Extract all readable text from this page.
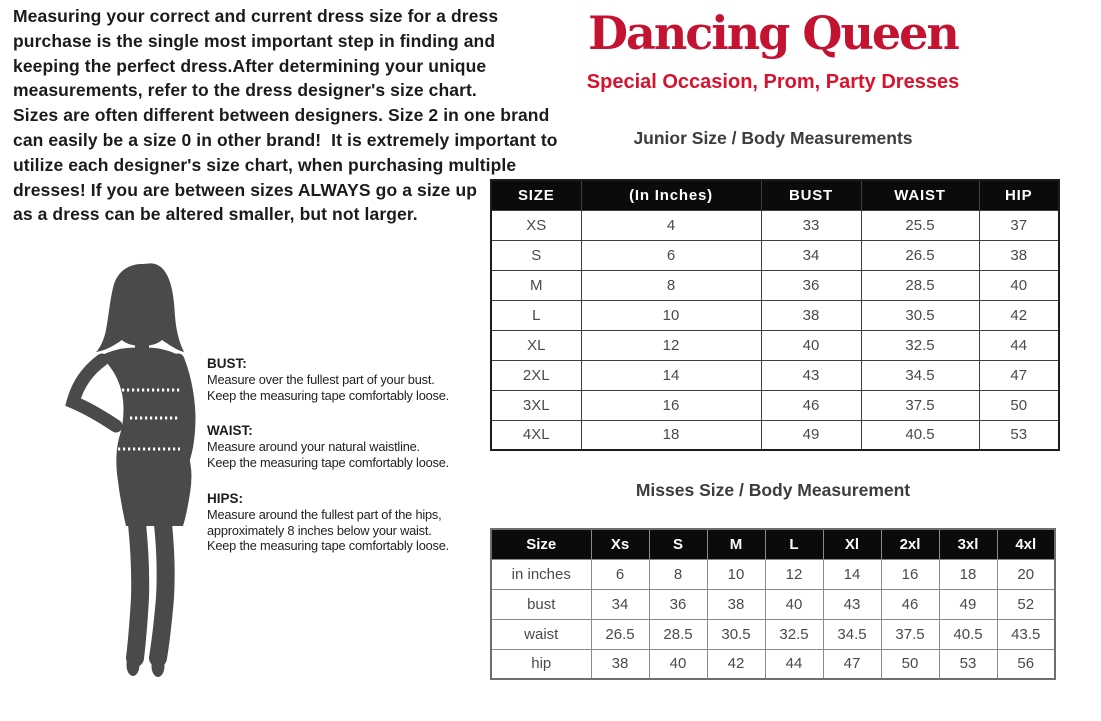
Measuring your correct and current dress size for a dress
purchase is the single most important step in finding and
keeping the perfect dress.After determining your unique
measurements, refer to the dress designer's size chart.
Sizes are often different between designers. Size 2 in one brand
can easily be a size 0 in other brand!  It is extremely important to
utilize each designer's size chart, when purchasing multiple
dresses! If you are between sizes ALWAYS go a size up
as a dress can be altered smaller, but not larger.
Dancing Queen
Special Occasion, Prom, Party Dresses
Junior Size / Body Measurements
SIZE	(In Inches)	BUST	WAIST	HIP
XS	4	33	25.5	37
S	6	34	26.5	38
M	8	36	28.5	40
L	10	38	30.5	42
XL	12	40	32.5	44
2XL	14	43	34.5	47
3XL	16	46	37.5	50
4XL	18	49	40.5	53
Misses Size / Body Measurement
Size	Xs	S	M	L	Xl	2xl	3xl	4xl
in inches	6	8	10	12	14	16	18	20
bust	34	36	38	40	43	46	49	52
waist	26.5	28.5	30.5	32.5	34.5	37.5	40.5	43.5
hip	38	40	42	44	47	50	53	56
BUST:
Measure over the fullest part of your bust.
Keep the measuring tape comfortably loose.
WAIST:
Measure around your natural waistline.
Keep the measuring tape comfortably loose.
HIPS:
Measure around the fullest part of the hips,
approximately 8 inches below your waist.
Keep the measuring tape comfortably loose.
